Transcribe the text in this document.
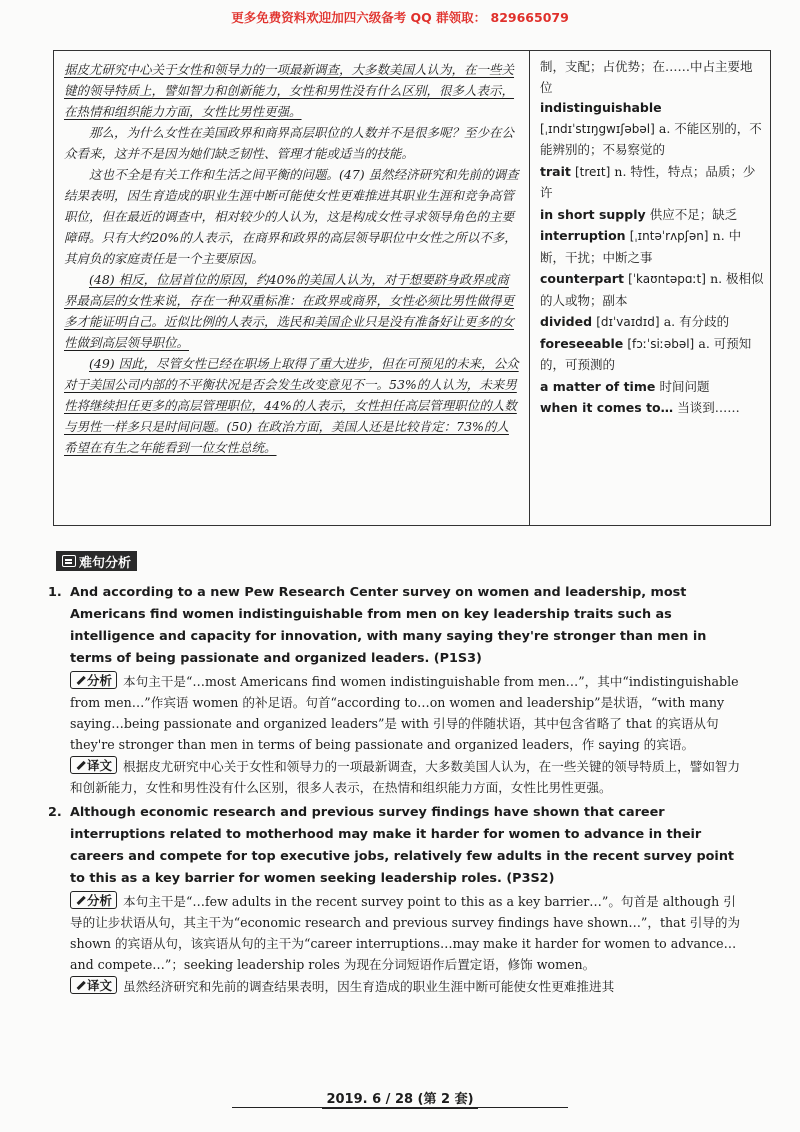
更多免费资料欢迎加四六级备考 QQ 群领取： 829665079

据皮尤研究中心关于女性和领导力的一项最新调查，大多数美国人认为，在一些关键的领导特质上，譬如智力和创新能力，女性和男性没有什么区别，很多人表示，在热情和组织能力方面，女性比男性更强。

那么，为什么女性在美国政界和商界高层职位的人数并不是很多呢？至少在公众看来，这并不是因为她们缺乏韧性、管理才能或适当的技能。

这也不全是有关工作和生活之间平衡的问题。(47) 虽然经济研究和先前的调查结果表明，因生育造成的职业生涯中断可能使女性更难推进其职业生涯和竞争高管职位，但在最近的调查中，相对较少的人认为，这是构成女性寻求领导角色的主要障碍。只有大约20%的人表示，在商界和政界的高层领导职位中女性之所以不多，其肩负的家庭责任是一个主要原因。

(48) 相反，位居首位的原因，约40%的美国人认为，对于想要跻身政界或商界最高层的女性来说，存在一种双重标准：在政界或商界，女性必须比男性做得更多才能证明自己。近似比例的人表示，选民和美国企业只是没有准备好让更多的女性做到高层领导职位。

(49) 因此，尽管女性已经在职场上取得了重大进步，但在可预见的未来，公众对于美国公司内部的不平衡状况是否会发生改变意见不一。53%的人认为，未来男性将继续担任更多的高层管理职位，44%的人表示，女性担任高层管理职位的人数与男性一样多只是时间问题。(50) 在政治方面，美国人还是比较肯定：73%的人希望在有生之年能看到一位女性总统。

制，支配；占优势；在……中占主要地位
indistinguishable
[ˌɪndɪˈstɪŋgwɪʃəbəl] a. 不能区别的，不能辨别的；不易察觉的
trait [treɪt] n. 特性，特点；品质；少许
in short supply 供应不足；缺乏
interruption [ˌɪntəˈrʌpʃən] n. 中断，干扰；中断之事
counterpart [ˈkaʊntəpɑːt] n. 极相似的人或物；副本
divided [dɪˈvaɪdɪd] a. 有分歧的
foreseeable [fɔːˈsiːəbəl] a. 可预知的，可预测的
a matter of time 时间问题
when it comes to… 当谈到……
难句分析
1. And according to a new Pew Research Center survey on women and leadership, most Americans find women indistinguishable from men on key leadership traits such as intelligence and capacity for innovation, with many saying they're stronger than men in terms of being passionate and organized leaders. (P1S3)
分析 本句主干是“…most Americans find women indistinguishable from men…”，其中“indistinguishable from men…”作宾语 women 的补足语。句首“according to…on women and leadership”是状语，“with many saying…being passionate and organized leaders”是 with 引导的伴随状语，其中包含省略了 that 的宾语从句 they're stronger than men in terms of being passionate and organized leaders，作 saying 的宾语。
译文 根据皮尤研究中心关于女性和领导力的一项最新调查，大多数美国人认为，在一些关键的领导特质上，譬如智力和创新能力，女性和男性没有什么区别，很多人表示，在热情和组织能力方面，女性比男性更强。
2. Although economic research and previous survey findings have shown that career interruptions related to motherhood may make it harder for women to advance in their careers and compete for top executive jobs, relatively few adults in the recent survey point to this as a key barrier for women seeking leadership roles. (P3S2)
分析 本句主干是“…few adults in the recent survey point to this as a key barrier…”。句首是 although 引导的让步状语从句，其主干为“economic research and previous survey findings have shown…”，that 引导的为 shown 的宾语从句，该宾语从句的主干为“career interruptions…may make it harder for women to advance…and compete…”；seeking leadership roles 为现在分词短语作后置定语，修饰 women。
译文 虽然经济研究和先前的调查结果表明，因生育造成的职业生涯中断可能使女性更难推进其
2019. 6 / 28 (第 2 套)
